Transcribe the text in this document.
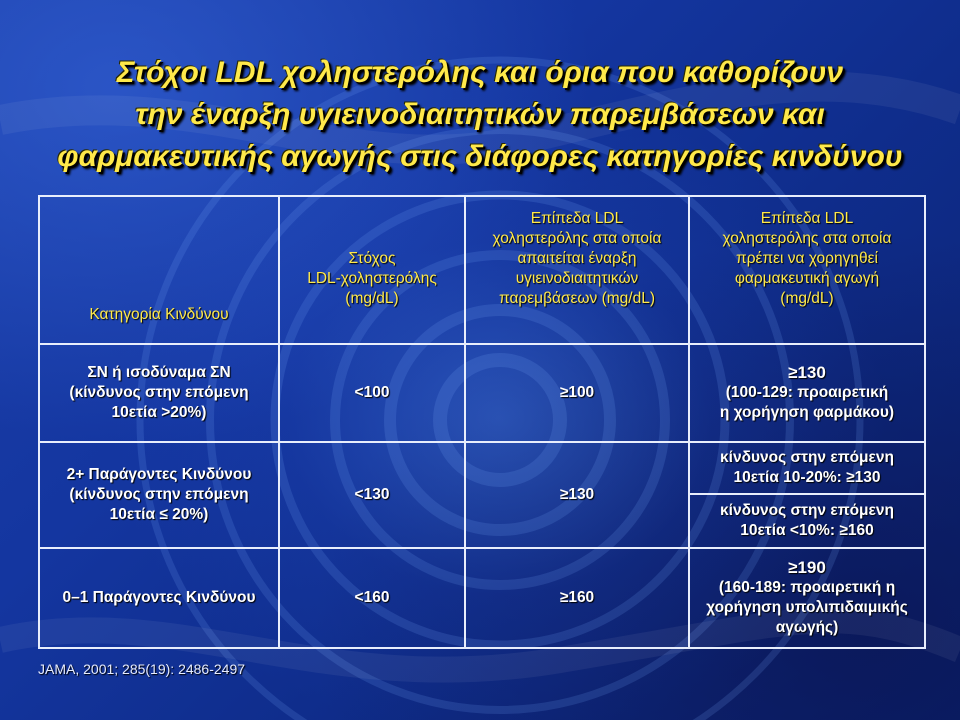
Στόχοι LDL χοληστερόλης και όρια που καθορίζουν
την έναρξη υγιεινοδιαιτητικών παρεμβάσεων και
φαρμακευτικής αγωγής στις διάφορες κατηγορίες κινδύνου
Κατηγορία Κινδύνου	Στόχος
LDL-χοληστερόλης
(mg/dL)	Επίπεδα LDL
χοληστερόλης στα οποία
απαιτείται έναρξη
υγιεινοδιαιτητικών
παρεμβάσεων (mg/dL)	Επίπεδα LDL
χοληστερόλης στα οποία
πρέπει να χορηγηθεί
φαρμακευτική αγωγή
(mg/dL)

ΣΝ ή ισοδύναμα ΣΝ
(κίνδυνος στην επόμενη
10ετία >20%)	<100	≥100	≥130
(100-129: προαιρετική
η χορήγηση φαρμάκου)

2+ Παράγοντες Κινδύνου
(κίνδυνος στην επόμενη
10ετία ≤ 20%)	<130	≥130	κίνδυνος στην επόμενη
10ετία 10-20%: ≥130

			κίνδυνος στην επόμενη
10ετία <10%: ≥160

0–1 Παράγοντες Κινδύνου	<160	≥160	≥190
(160-189: προαιρετική η
χορήγηση υπολιπιδαιμικής
αγωγής)
JAMA, 2001; 285(19): 2486-2497
